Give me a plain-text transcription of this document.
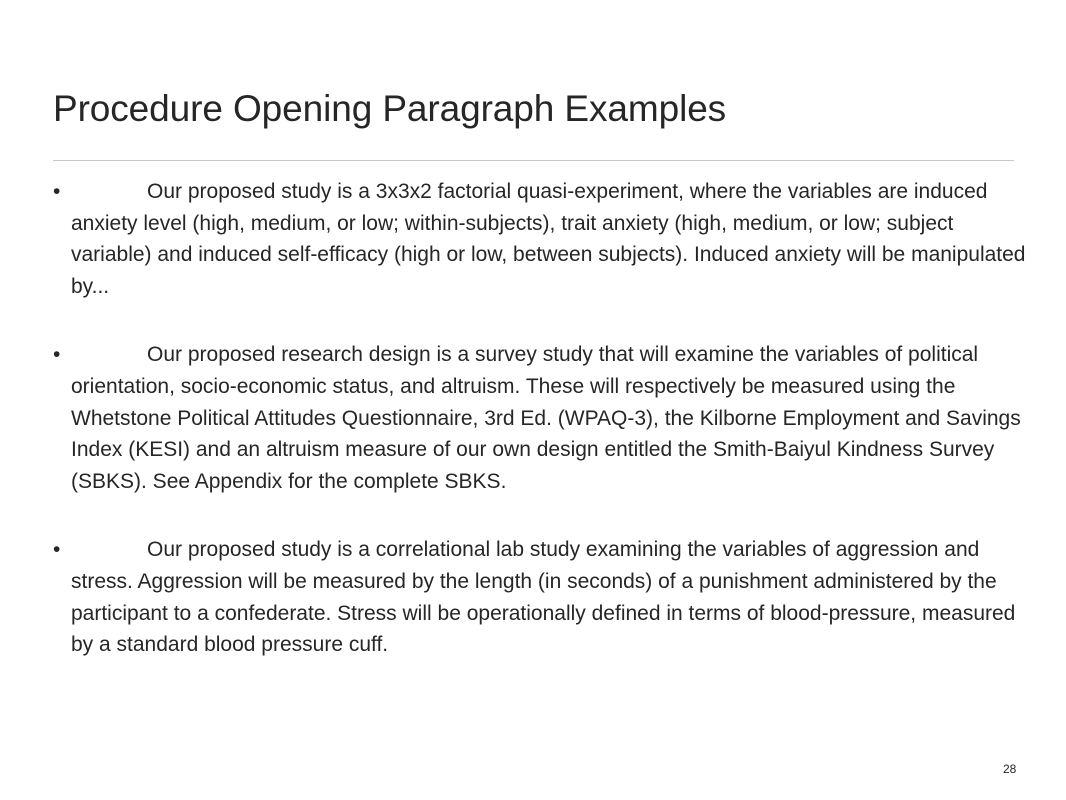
Procedure Opening Paragraph Examples
•	Our proposed study is a 3x3x2 factorial quasi-experiment, where the variables are induced anxiety level (high, medium, or low; within-subjects), trait anxiety (high, medium, or low; subject variable) and induced self-efficacy (high or low, between subjects). Induced anxiety will be manipulated by...
•	Our proposed research design is a survey study that will examine the variables of political orientation, socio-economic status, and altruism. These will respectively be measured using the Whetstone Political Attitudes Questionnaire, 3rd Ed. (WPAQ-3), the Kilborne Employment and Savings Index (KESI) and an altruism measure of our own design entitled the Smith-Baiyul Kindness Survey (SBKS). See Appendix for the complete SBKS.
•	Our proposed study is a correlational lab study examining the variables of aggression and stress. Aggression will be measured by the length (in seconds) of a punishment administered by the participant to a confederate. Stress will be operationally defined in terms of blood-pressure, measured by a standard blood pressure cuff.
28
